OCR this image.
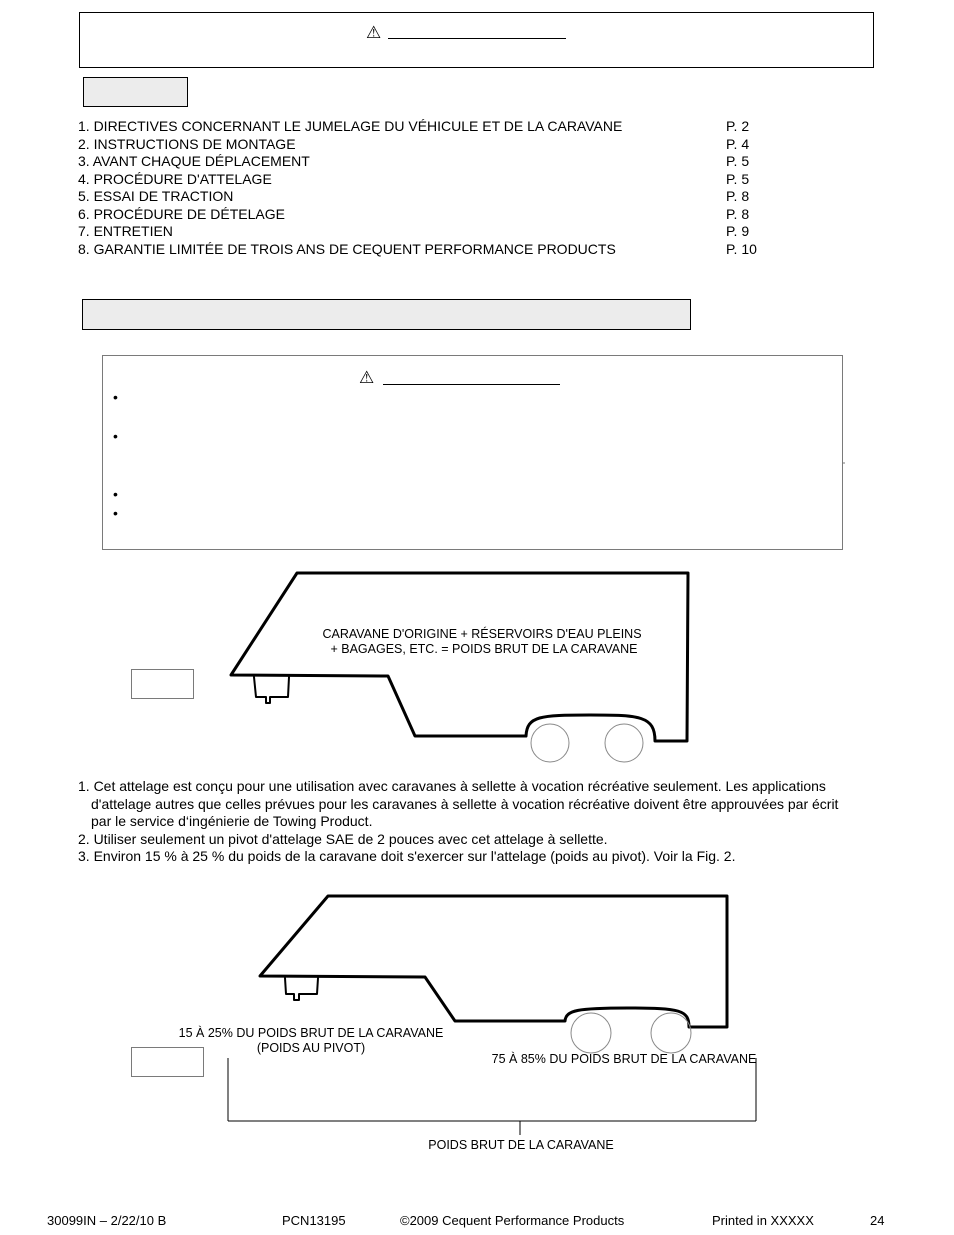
⚠
1. DIRECTIVES CONCERNANT LE JUMELAGE DU VÉHICULE ET DE LA CARAVANE	P. 2
2. INSTRUCTIONS DE MONTAGE	P. 4
3. AVANT CHAQUE DÉPLACEMENT	P. 5
4. PROCÉDURE D'ATTELAGE	P. 5
5. ESSAI DE TRACTION	P. 8
6. PROCÉDURE DE DÉTELAGE	P. 8
7. ENTRETIEN	P. 9
8. GARANTIE LIMITÉE DE TROIS ANS DE CEQUENT PERFORMANCE PRODUCTS	P. 10
⚠
•
•
•
•
CARAVANE D'ORIGINE + RÉSERVOIRS D'EAU PLEINS
+ BAGAGES, ETC. = POIDS BRUT DE LA CARAVANE
1. Cet attelage est conçu pour une utilisation avec caravanes à sellette à vocation récréative seulement. Les applications
d'attelage autres que celles prévues pour les caravanes à sellette à vocation récréative doivent être approuvées par écrit
par le service d‘ingénierie de Towing Product.
2. Utiliser seulement un pivot d'attelage SAE de 2 pouces avec cet attelage à sellette.
3. Environ 15 % à 25 % du poids de la caravane doit s'exercer sur l'attelage (poids au pivot). Voir la Fig. 2.
15 À 25% DU POIDS BRUT DE LA CARAVANE
(POIDS AU PIVOT)
75 À 85% DU POIDS BRUT DE LA CARAVANE
POIDS BRUT DE LA CARAVANE
30099IN – 2/22/10 B	PCN13195	©2009 Cequent Performance Products	Printed in XXXXX	24
